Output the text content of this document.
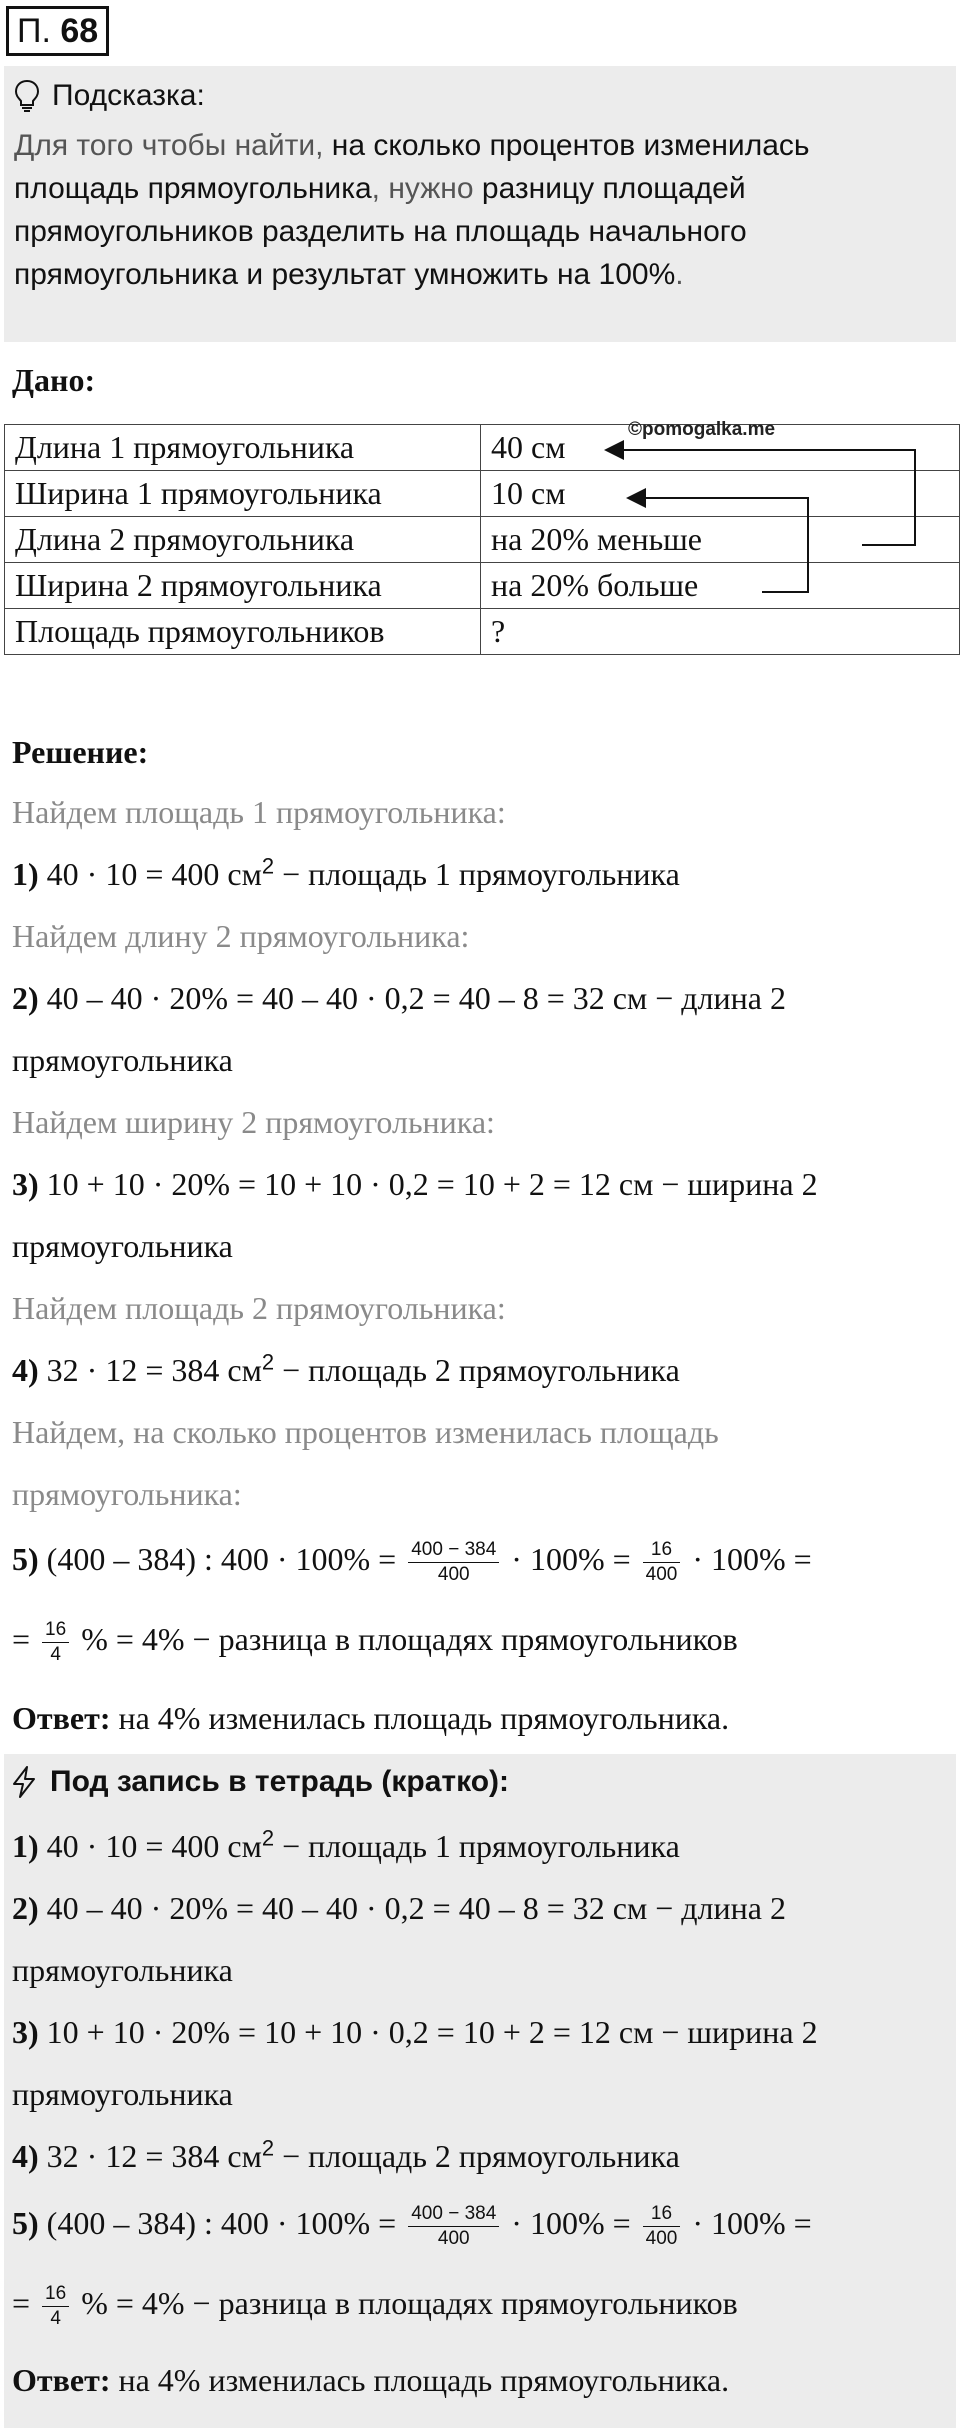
П. 68
Подсказка:
Для того чтобы найти, на сколько процентов изменилась площадь прямоугольника, нужно разницу площадей прямоугольников разделить на площадь начального прямоугольника и результат умножить на 100%.
Дано:
Длина 1 прямоугольника	40 см
Ширина 1 прямоугольника	10 см
Длина 2 прямоугольника	на 20% меньше
Ширина 2 прямоугольника	на 20% больше
Площадь прямоугольников	?
©pomogalka.me
Решение:
Найдем площадь 1 прямоугольника:
1) 40 · 10 = 400 $см^2$ − площадь 1 прямоугольника
Найдем длину 2 прямоугольника:
2) 40 – 40 · 20% = 40 – 40 · 0,2 = 40 – 8 = 32 см − длина 2
прямоугольника
Найдем ширину 2 прямоугольника:
3) 10 + 10 · 20% = 10 + 10 · 0,2 = 10 + 2 = 12 см − ширина 2
прямоугольника
Найдем площадь 2 прямоугольника:
4) 32 · 12 = 384 $см^2$ − площадь 2 прямоугольника
Найдем, на сколько процентов изменилась площадь
прямоугольника:
5) (400 – 384) : $400 \cdot 100\% = \frac{400 - 384}{400} \cdot 100\% = \frac{16}{400} \cdot 100\%$ =
= $\frac{16}{4}$ % = 4% − разница в площадях прямоугольников
Ответ: на 4% изменилась площадь прямоугольника.
Под запись в тетрадь (кратко):
1) 40 · 10 = 400 $см^2$ − площадь 1 прямоугольника
2) 40 – 40 · 20% = 40 – 40 · 0,2 = 40 – 8 = 32 см − длина 2
прямоугольника
3) 10 + 10 · 20% = 10 + 10 · 0,2 = 10 + 2 = 12 см − ширина 2
прямоугольника
4) 32 · 12 = 384 $см^2$ − площадь 2 прямоугольника
5) (400 – 384) : $400 \cdot 100\% = \frac{400 - 384}{400} \cdot 100\% = \frac{16}{400} \cdot 100\%$ =
= $\frac{16}{4}$ % = 4% − разница в площадях прямоугольников
Ответ: на 4% изменилась площадь прямоугольника.
